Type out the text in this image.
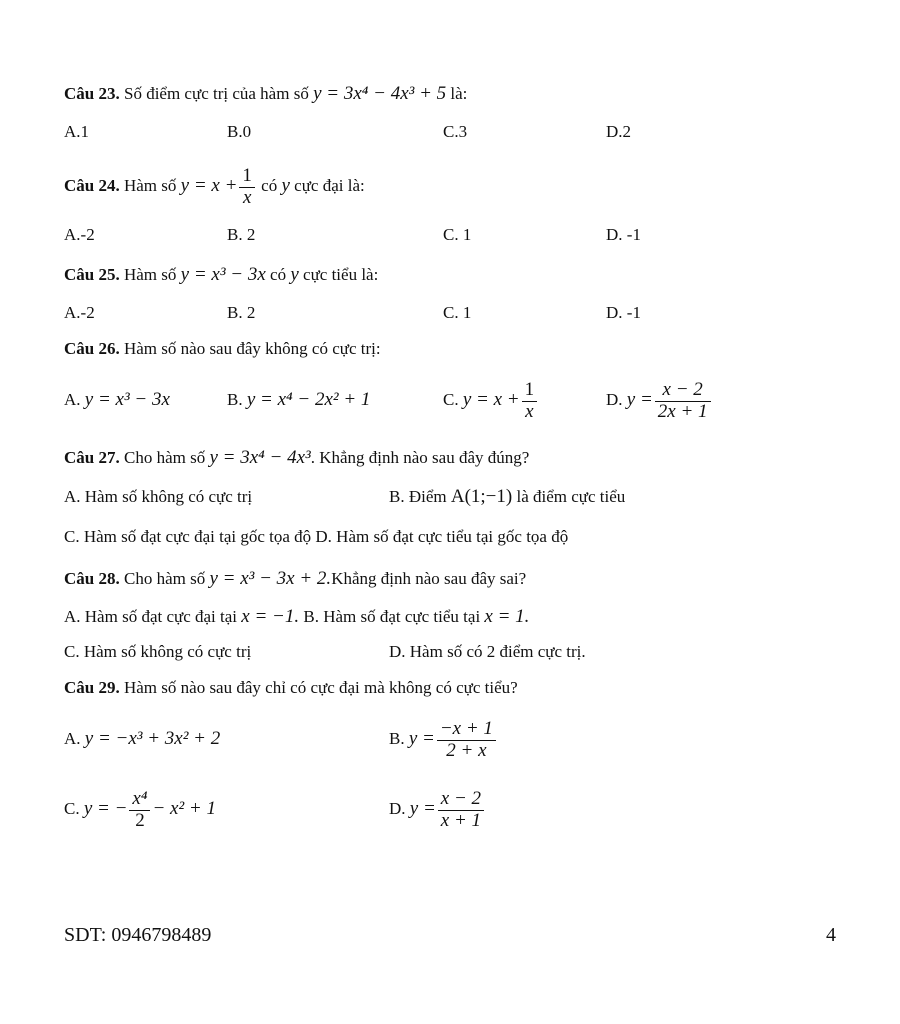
Câu 23. Số điểm cực trị của hàm số y = 3x⁴ − 4x³ + 5 là:
A.1	B.0	C.3	D.2
Câu 24. Hàm số $y = x + \frac{1}{x}$ có y cực đại là:
A.-2	B. 2	C. 1	D. -1
Câu 25. Hàm số y = x³ − 3x có y cực tiểu là:
A.-2	B. 2	C. 1	D. -1
Câu 26. Hàm số nào sau đây không có cực trị:
A. y = x³ − 3x	B. y = x⁴ − 2x² + 1	C. $y = x + \frac{1}{x}$	D. $y = \frac{x - 2}{2x + 1}$
Câu 27. Cho hàm số y = 3x⁴ − 4x³. Khẳng định nào sau đây đúng?
A. Hàm số không có cực trị	B. Điểm A(1;−1) là điểm cực tiểu
C. Hàm số đạt cực đại tại gốc tọa độ D. Hàm số đạt cực tiểu tại gốc tọa độ
Câu 28. Cho hàm số y = x³ − 3x + 2.Khẳng định nào sau đây sai?
A. Hàm số đạt cực đại tại x = −1. B. Hàm số đạt cực tiểu tại x = 1.
C. Hàm số không có cực trị	D. Hàm số có 2 điểm cực trị.
Câu 29. Hàm số nào sau đây chỉ có cực đại mà không có cực tiểu?
A. y = −x³ + 3x² + 2	B. $y = \frac{-x + 1}{2 + x}$
C. y = − $\frac{\text{x⁴}}{2} - x^2 + 1$	D. $y = \frac{x - 2}{x + 1}$
SDT: 0946798489	4
